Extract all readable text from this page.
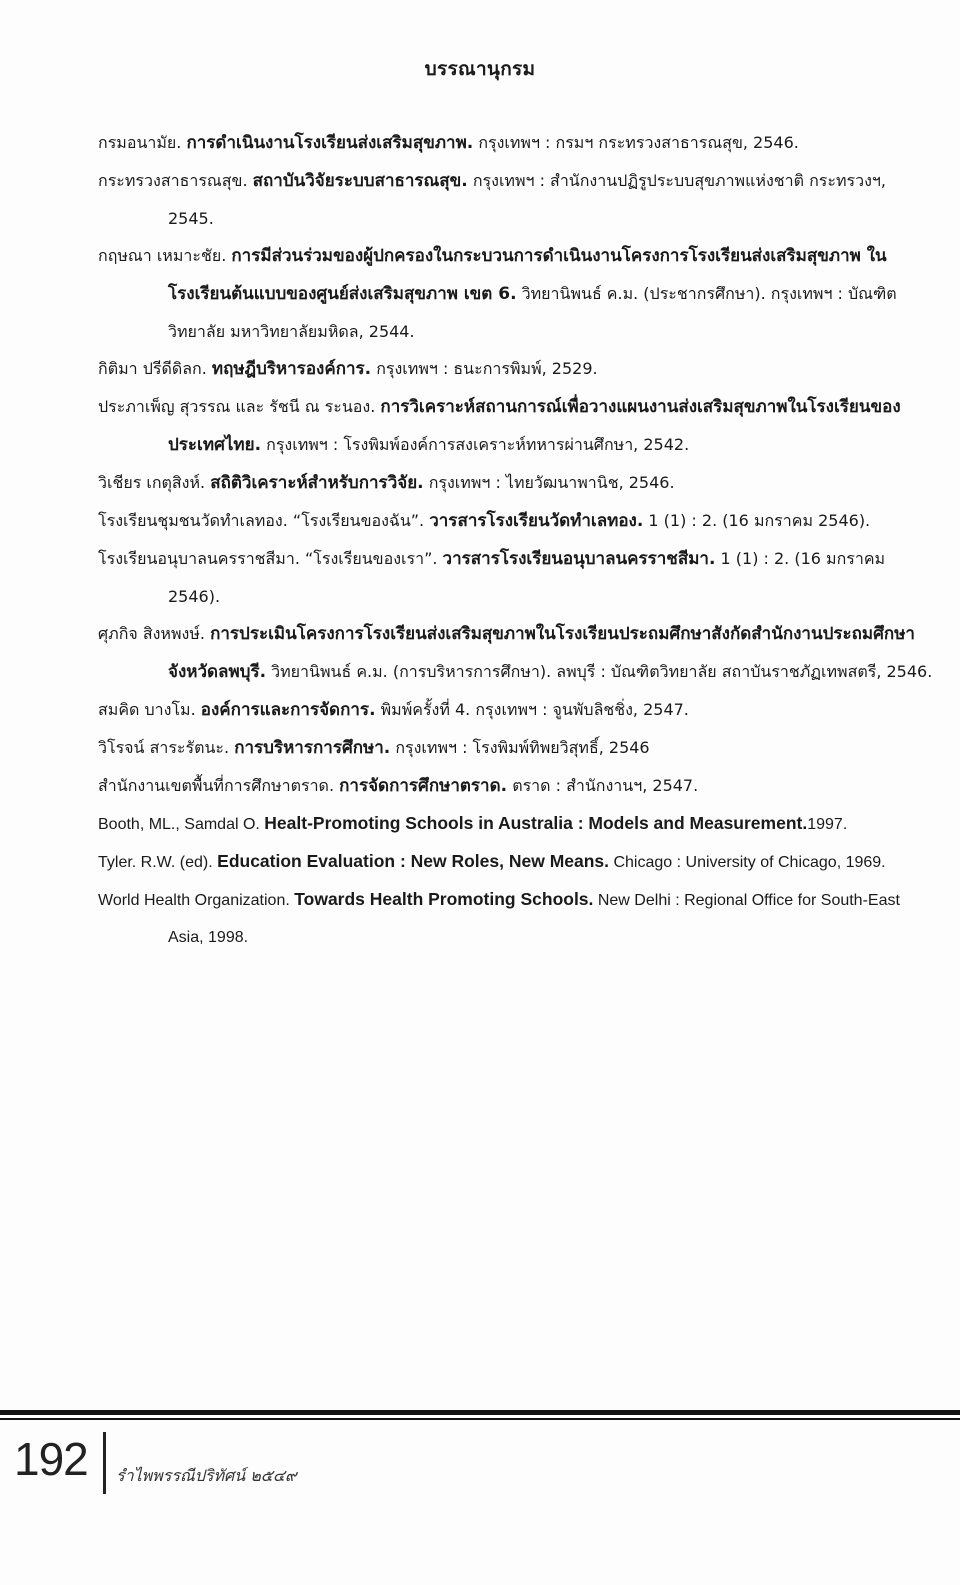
บรรณานุกรม
กรมอนามัย. การดำเนินงานโรงเรียนส่งเสริมสุขภาพ. กรุงเทพฯ : กรมฯ กระทรวงสาธารณสุข, 2546.
กระทรวงสาธารณสุข. สถาบันวิจัยระบบสาธารณสุข. กรุงเทพฯ : สำนักงานปฏิรูประบบสุขภาพแห่งชาติ กระทรวงฯ, 2545.
กฤษณา เหมาะชัย. การมีส่วนร่วมของผู้ปกครองในกระบวนการดำเนินงานโครงการโรงเรียนส่งเสริมสุขภาพ ในโรงเรียนต้นแบบของศูนย์ส่งเสริมสุขภาพ เขต 6. วิทยานิพนธ์ ค.ม. (ประชากรศึกษา). กรุงเทพฯ : บัณฑิตวิทยาลัย มหาวิทยาลัยมหิดล, 2544.
กิติมา ปรีดีดิลก. ทฤษฎีบริหารองค์การ. กรุงเทพฯ : ธนะการพิมพ์, 2529.
ประภาเพ็ญ สุวรรณ และ รัชนี ณ ระนอง. การวิเคราะห์สถานการณ์เพื่อวางแผนงานส่งเสริมสุขภาพในโรงเรียนของประเทศไทย. กรุงเทพฯ : โรงพิมพ์องค์การสงเคราะห์ทหารผ่านศึกษา, 2542.
วิเชียร เกตุสิงห์. สถิติวิเคราะห์สำหรับการวิจัย. กรุงเทพฯ : ไทยวัฒนาพานิช, 2546.
โรงเรียนชุมชนวัดทำเลทอง. “โรงเรียนของฉัน”. วารสารโรงเรียนวัดทำเลทอง. 1 (1) : 2. (16 มกราคม 2546).
โรงเรียนอนุบาลนครราชสีมา. “โรงเรียนของเรา”. วารสารโรงเรียนอนุบาลนครราชสีมา. 1 (1) : 2. (16 มกราคม 2546).
ศุภกิจ สิงหพงษ์. การประเมินโครงการโรงเรียนส่งเสริมสุขภาพในโรงเรียนประถมศึกษาสังกัดสำนักงานประถมศึกษาจังหวัดลพบุรี. วิทยานิพนธ์ ค.ม. (การบริหารการศึกษา). ลพบุรี : บัณฑิตวิทยาลัย สถาบันราชภัฏเทพสตรี, 2546.
สมคิด บางโม. องค์การและการจัดการ. พิมพ์ครั้งที่ 4. กรุงเทพฯ : จูนพับลิชชิ่ง, 2547.
วิโรจน์ สาระรัตนะ. การบริหารการศึกษา. กรุงเทพฯ : โรงพิมพ์ทิพยวิสุทธิ์, 2546
สำนักงานเขตพื้นที่การศึกษาตราด. การจัดการศึกษาตราด. ตราด : สำนักงานฯ, 2547.
Booth, ML., Samdal O. Healt-Promoting Schools in Australia : Models and Measurement.1997.
Tyler. R.W. (ed). Education Evaluation : New Roles, New Means. Chicago : University of Chicago, 1969.
World Health Organization. Towards Health Promoting Schools. New Delhi : Regional Office for South-East Asia, 1998.
192 รำไพพรรณีปริทัศน์ ๒๕๔๙
